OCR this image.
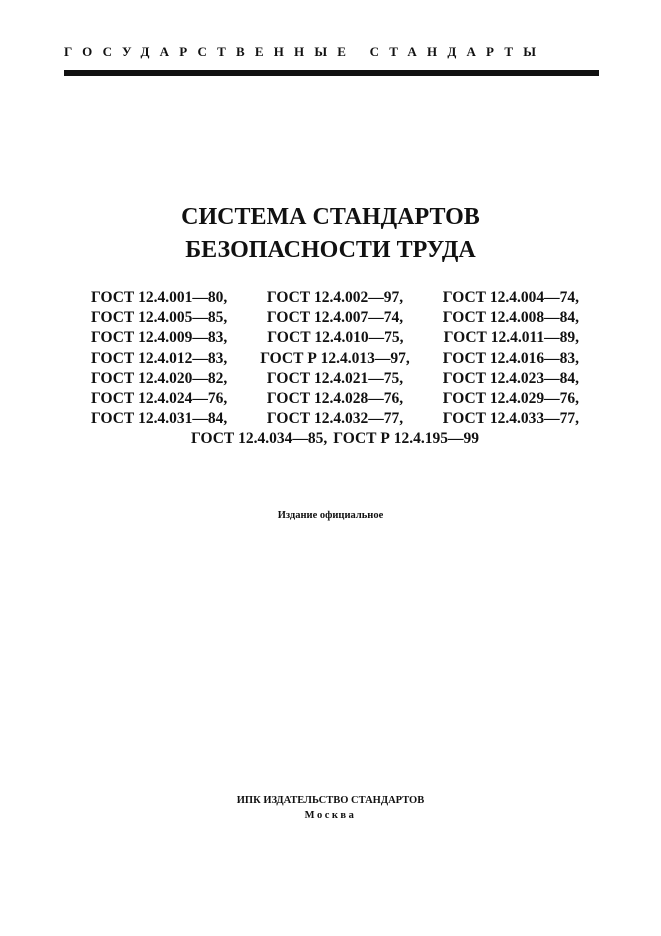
ГОСУДАРСТВЕННЫЕ СТАНДАРТЫ
СИСТЕМА СТАНДАРТОВ
БЕЗОПАСНОСТИ ТРУДА
ГОСТ 12.4.001—80,	ГОСТ 12.4.002—97,	ГОСТ 12.4.004—74,
ГОСТ 12.4.005—85,	ГОСТ 12.4.007—74,	ГОСТ 12.4.008—84,
ГОСТ 12.4.009—83,	ГОСТ 12.4.010—75,	ГОСТ 12.4.011—89,
ГОСТ 12.4.012—83, ГОСТ Р 12.4.013—97, ГОСТ 12.4.016—83,
ГОСТ 12.4.020—82,	ГОСТ 12.4.021—75,	ГОСТ 12.4.023—84,
ГОСТ 12.4.024—76,	ГОСТ 12.4.028—76,	ГОСТ 12.4.029—76,
ГОСТ 12.4.031—84,	ГОСТ 12.4.032—77,	ГОСТ 12.4.033—77,
ГОСТ 12.4.034—85, ГОСТ Р 12.4.195—99
Издание официальное
ИПК ИЗДАТЕЛЬСТВО СТАНДАРТОВ
Москва
